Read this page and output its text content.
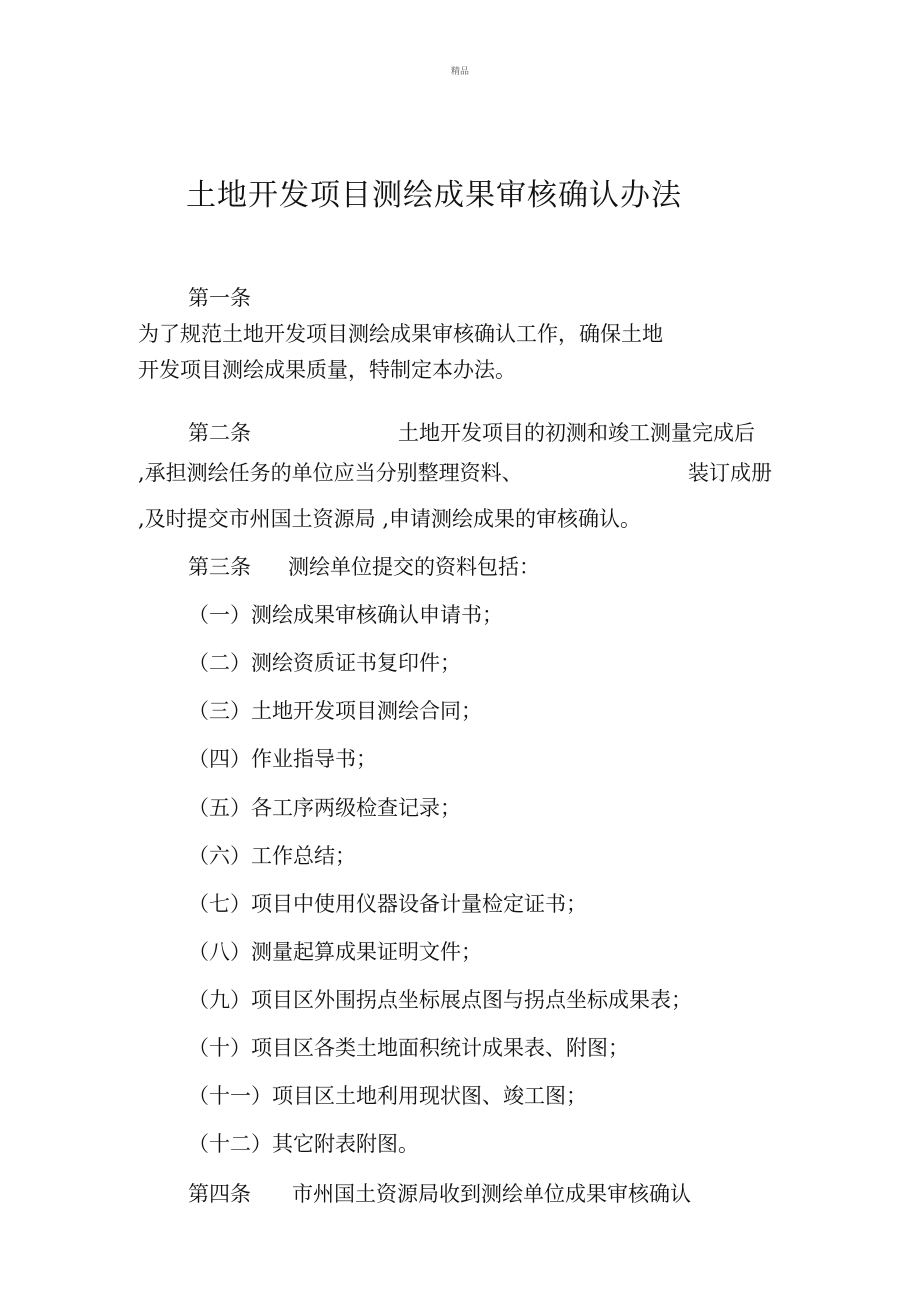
精品
土地开发项目测绘成果审核确认办法
第一条
为了规范土地开发项目测绘成果审核确认工作，确保土地
开发项目测绘成果质量，特制定本办法。
第二条	土地开发项目的初测和竣工测量完成后
,承担测绘任务的单位应当分别整理资料、	装订成册
,及时提交市州国土资源局 ,申请测绘成果的审核确认。
第三条 测绘单位提交的资料包括：
（一）测绘成果审核确认申请书；
（二）测绘资质证书复印件；
（三）土地开发项目测绘合同；
（四）作业指导书；
（五）各工序两级检查记录；
（六）工作总结；
（七）项目中使用仪器设备计量检定证书；
（八）测量起算成果证明文件；
（九）项目区外围拐点坐标展点图与拐点坐标成果表；
（十）项目区各类土地面积统计成果表、附图；
（十一）项目区土地利用现状图、竣工图；
（十二）其它附表附图。
第四条 市州国土资源局收到测绘单位成果审核确认
